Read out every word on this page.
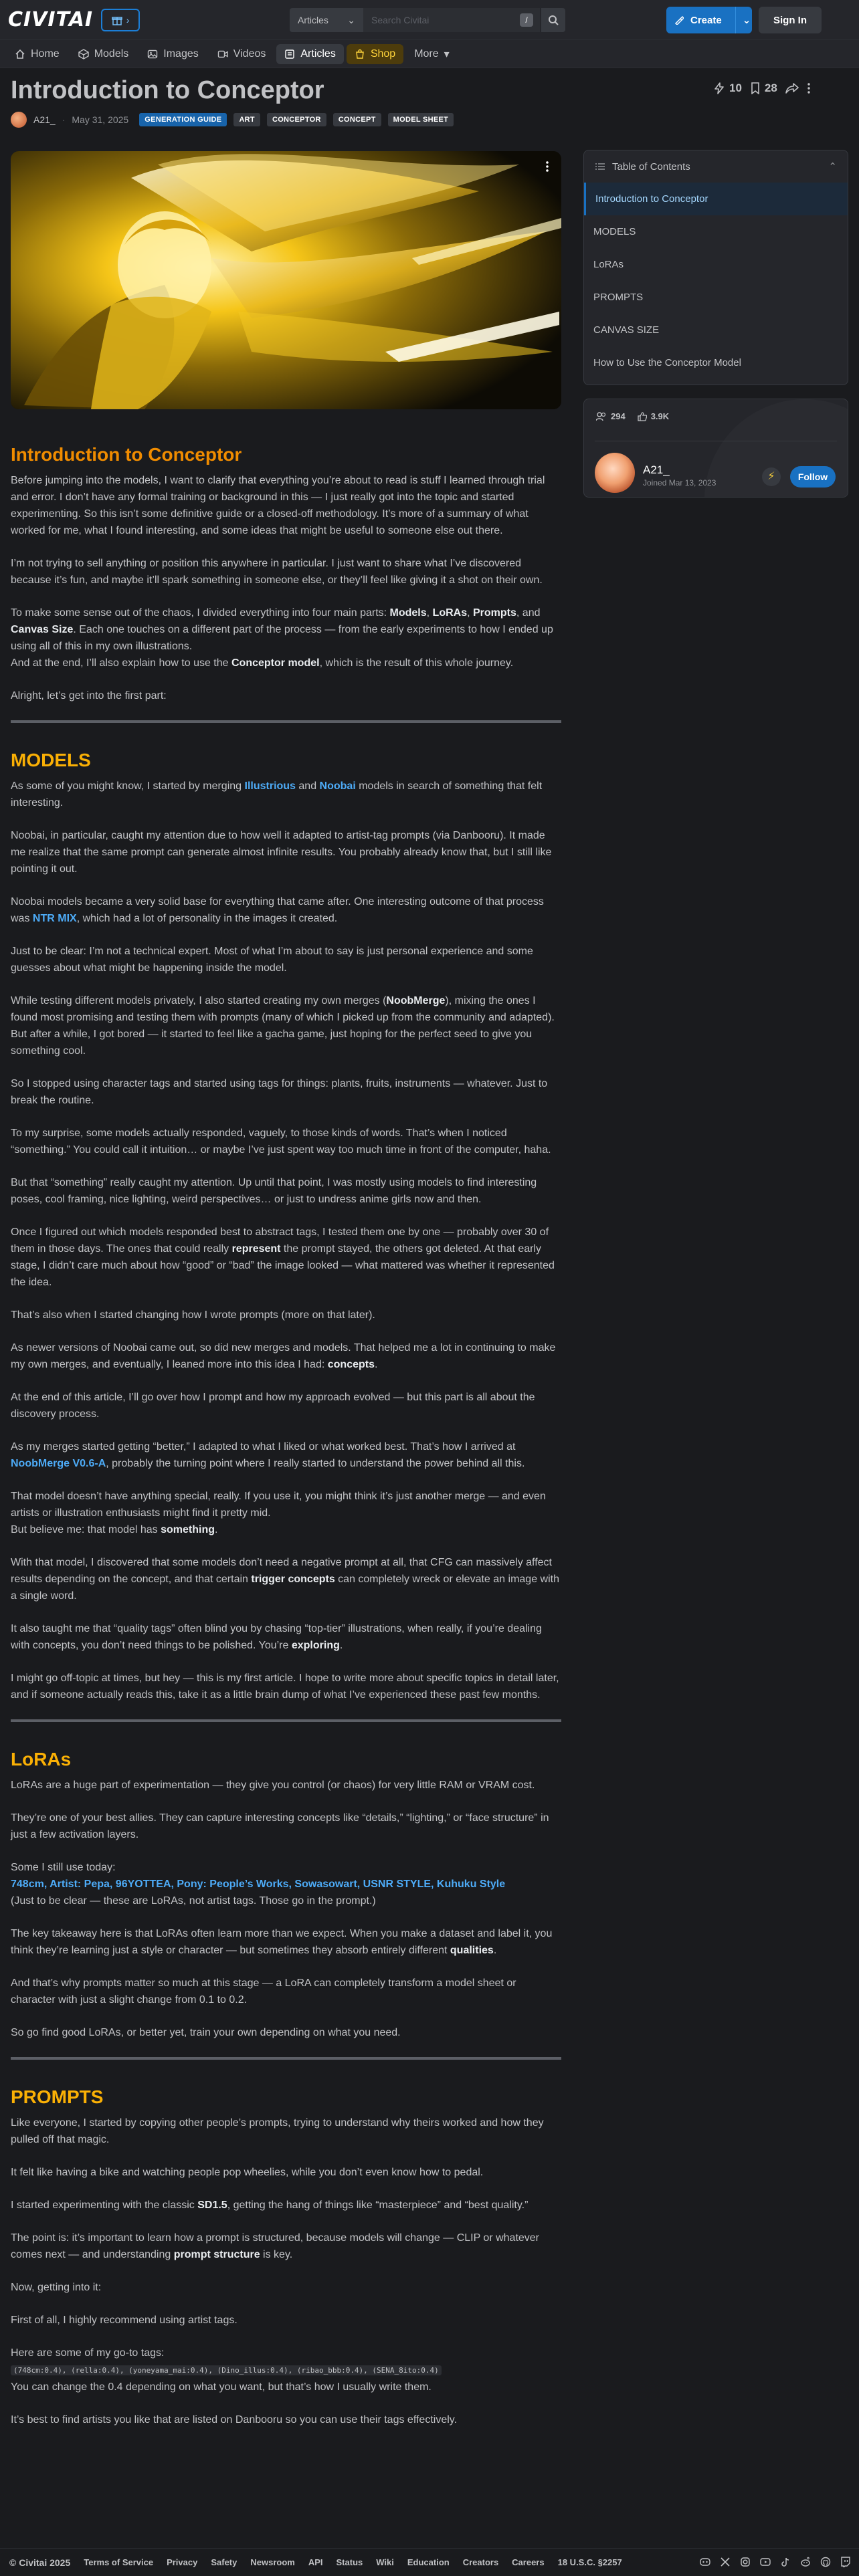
CIVITAI	›	Articles ⌄
Search Civitai	/	Create ⌄	Sign In
Home	Models	Images	Videos	Articles	Shop More ▾
Introduction to Conceptor
A21_ · May 31, 2025	GENERATION GUIDE	ART	CONCEPTOR	CONCEPT	MODEL SHEET
10 28
Table of Contents	⌃
Introduction to Conceptor
MODELS
LoRAs
PROMPTS
CANVAS SIZE
How to Use the Conceptor Model
294	3.9K
A21_
Joined Mar 13, 2023
⚡	Follow
Introduction to Conceptor

Before jumping into the models, I want to clarify that everything you’re about to read is stuff I learned through trial and error. I don’t have any formal training or background in this — I just really got into the topic and started experimenting. So this isn’t some definitive guide or a closed-off methodology. It’s more of a summary of what worked for me, what I found interesting, and some ideas that might be useful to someone else out there.

I’m not trying to sell anything or position this anywhere in particular. I just want to share what I’ve discovered because it’s fun, and maybe it’ll spark something in someone else, or they’ll feel like giving it a shot on their own.

To make some sense out of the chaos, I divided everything into four main parts: Models, LoRAs, Prompts, and Canvas Size. Each one touches on a different part of the process — from the early experiments to how I ended up using all of this in my own illustrations.
And at the end, I’ll also explain how to use the Conceptor model, which is the result of this whole journey.

Alright, let’s get into the first part:

MODELS

As some of you might know, I started by merging Illustrious and Noobai models in search of something that felt interesting.

Noobai, in particular, caught my attention due to how well it adapted to artist-tag prompts (via Danbooru). It made me realize that the same prompt can generate almost infinite results. You probably already know that, but I still like pointing it out.

Noobai models became a very solid base for everything that came after. One interesting outcome of that process was NTR MIX, which had a lot of personality in the images it created.

Just to be clear: I’m not a technical expert. Most of what I’m about to say is just personal experience and some guesses about what might be happening inside the model.

While testing different models privately, I also started creating my own merges (NoobMerge), mixing the ones I found most promising and testing them with prompts (many of which I picked up from the community and adapted). But after a while, I got bored — it started to feel like a gacha game, just hoping for the perfect seed to give you something cool.

So I stopped using character tags and started using tags for things: plants, fruits, instruments — whatever. Just to break the routine.

To my surprise, some models actually responded, vaguely, to those kinds of words. That’s when I noticed “something.” You could call it intuition… or maybe I’ve just spent way too much time in front of the computer, haha.

But that “something” really caught my attention. Up until that point, I was mostly using models to find interesting poses, cool framing, nice lighting, weird perspectives… or just to undress anime girls now and then.

Once I figured out which models responded best to abstract tags, I tested them one by one — probably over 30 of them in those days. The ones that could really represent the prompt stayed, the others got deleted. At that early stage, I didn’t care much about how “good” or “bad” the image looked — what mattered was whether it represented the idea.

That’s also when I started changing how I wrote prompts (more on that later).

As newer versions of Noobai came out, so did new merges and models. That helped me a lot in continuing to make my own merges, and eventually, I leaned more into this idea I had: concepts.

At the end of this article, I’ll go over how I prompt and how my approach evolved — but this part is all about the discovery process.

As my merges started getting “better,” I adapted to what I liked or what worked best. That’s how I arrived at NoobMerge V0.6-A, probably the turning point where I really started to understand the power behind all this.

That model doesn’t have anything special, really. If you use it, you might think it’s just another merge — and even artists or illustration enthusiasts might find it pretty mid.
But believe me: that model has something.

With that model, I discovered that some models don’t need a negative prompt at all, that CFG can massively affect results depending on the concept, and that certain trigger concepts can completely wreck or elevate an image with a single word.

It also taught me that “quality tags” often blind you by chasing “top-tier” illustrations, when really, if you’re dealing with concepts, you don’t need things to be polished. You’re exploring.

I might go off-topic at times, but hey — this is my first article. I hope to write more about specific topics in detail later, and if someone actually reads this, take it as a little brain dump of what I’ve experienced these past few months.

LoRAs

LoRAs are a huge part of experimentation — they give you control (or chaos) for very little RAM or VRAM cost.

They’re one of your best allies. They can capture interesting concepts like “details,” “lighting,” or “face structure” in just a few activation layers.

Some I still use today:
748cm, Artist: Pepa, 96YOTTEA, Pony: People’s Works, Sowasowart, USNR STYLE, Kuhuku Style
(Just to be clear — these are LoRAs, not artist tags. Those go in the prompt.)

The key takeaway here is that LoRAs often learn more than we expect. When you make a dataset and label it, you think they’re learning just a style or character — but sometimes they absorb entirely different qualities.

And that’s why prompts matter so much at this stage — a LoRA can completely transform a model sheet or character with just a slight change from 0.1 to 0.2.

So go find good LoRAs, or better yet, train your own depending on what you need.

PROMPTS

Like everyone, I started by copying other people’s prompts, trying to understand why theirs worked and how they pulled off that magic.

It felt like having a bike and watching people pop wheelies, while you don’t even know how to pedal.

I started experimenting with the classic SD1.5, getting the hang of things like “masterpiece” and “best quality.”

The point is: it’s important to learn how a prompt is structured, because models will change — CLIP or whatever comes next — and understanding prompt structure is key.

Now, getting into it:

First of all, I highly recommend using artist tags.

Here are some of my go-to tags:
(748cm:0.4), (rella:0.4), (yoneyama_mai:0.4), (Dino_illus:0.4), (ribao_bbb:0.4), (SENA_8ito:0.4)
You can change the 0.4 depending on what you want, but that’s how I usually write them.

It’s best to find artists you like that are listed on Danbooru so you can use their tags effectively.

© Civitai 2025 Terms of Service Privacy Safety Newsroom API Status Wiki Education Creators Careers 18 U.S.C. §2257
